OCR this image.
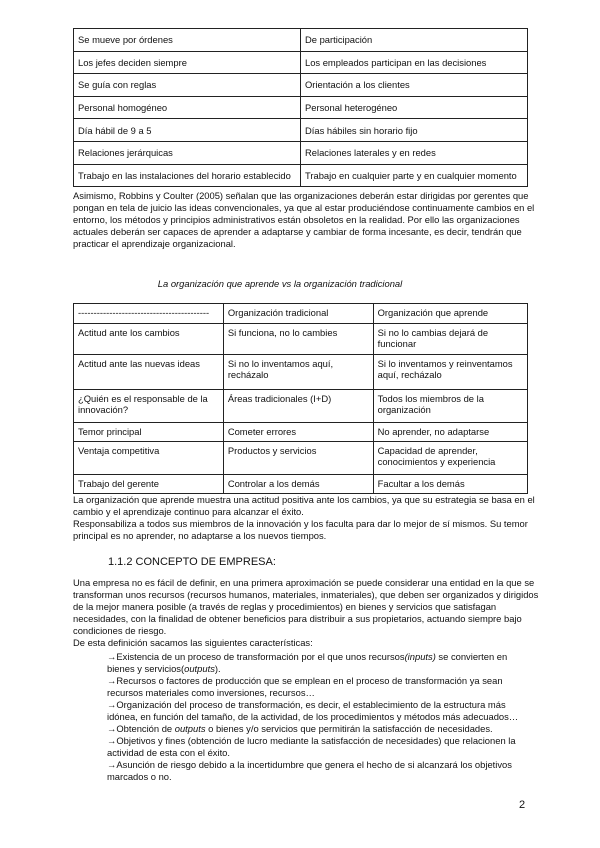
Se mueve por órdenes	De participación
Los jefes deciden siempre	Los empleados participan en las decisiones
Se guía con reglas	Orientación a los clientes
Personal homogéneo	Personal heterogéneo
Día hábil de 9 a 5	Días hábiles sin horario fijo
Relaciones jerárquicas	Relaciones laterales y en redes
Trabajo en las instalaciones del horario establecido	Trabajo en cualquier parte y en cualquier momento
Asimismo, Robbins y Coulter (2005) señalan que las organizaciones deberán estar dirigidas por gerentes que
pongan en tela de juicio las ideas convencionales, ya que al estar produciéndose continuamente cambios en el
entorno, los métodos y principios administrativos están obsoletos en la realidad. Por ello las organizaciones
actuales deberán ser capaces de aprender a adaptarse y cambiar de forma incesante, es decir, tendrán que
practicar el aprendizaje organizacional.
La organización que aprende vs la organización tradicional
------------------------------------------	Organización tradicional	Organización que aprende
Actitud ante los cambios	Si funciona, no lo cambies	Si no lo cambias dejará de funcionar
Actitud ante las nuevas ideas	Si no lo inventamos aquí, recházalo	Si lo inventamos y reinventamos aquí, recházalo
¿Quién es el responsable de la innovación?	Áreas tradicionales (I+D)	Todos los miembros de la organización
Temor principal	Cometer errores	No aprender, no adaptarse
Ventaja competitiva	Productos y servicios	Capacidad de aprender, conocimientos y experiencia
Trabajo del gerente	Controlar a los demás	Facultar a los demás
La organización que aprende muestra una actitud positiva ante los cambios, ya que su estrategia se basa en el
cambio y el aprendizaje continuo para alcanzar el éxito.
Responsabiliza a todos sus miembros de la innovación y los faculta para dar lo mejor de sí mismos. Su temor
principal es no aprender, no adaptarse a los nuevos tiempos.
1.1.2 CONCEPTO DE EMPRESA:
Una empresa no es fácil de definir, en una primera aproximación se puede considerar una entidad en la que se
transforman unos recursos (recursos humanos, materiales, inmateriales), que deben ser organizados y dirigidos
de la mejor manera posible (a través de reglas y procedimientos) en bienes y servicios que satisfagan
necesidades, con la finalidad de obtener beneficios para distribuir a sus propietarios, actuando siempre bajo
condiciones de riesgo.
De esta definición sacamos las siguientes características:
→Existencia de un proceso de transformación por el que unos recursos(inputs) se convierten en
bienes y servicios(outputs).
→Recursos o factores de producción que se emplean en el proceso de transformación ya sean
recursos materiales como inversiones, recursos…
→Organización del proceso de transformación, es decir, el establecimiento de la estructura más
idónea, en función del tamaño, de la actividad, de los procedimientos y métodos más adecuados…
→Obtención de outputs o bienes y/o servicios que permitirán la satisfacción de necesidades.
→Objetivos y fines (obtención de lucro mediante la satisfacción de necesidades) que relacionen la
actividad de esta con el éxito.
→Asunción de riesgo debido a la incertidumbre que genera el hecho de si alcanzará los objetivos
marcados o no.
2
